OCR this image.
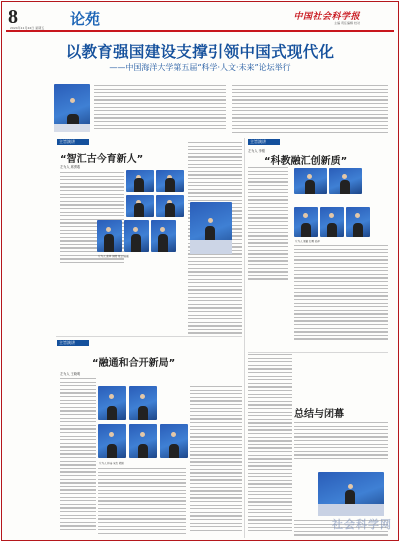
8
2024年11月22日 星期五 论苑	中国社会科学报
主编 责任编辑 校对
以教育强国建设支撑引领中国式现代化
——中国海洋大学第五届“科学·人文·未来”论坛举行
主旨演讲
“智汇古今育新人”
左为人 席勇敢
左为人 张华 刘明 吴立 陈刚
主旨演讲
“科教融汇创新质”
左为人 李刚
左为人 周敏 赵勇 孙萍
主旨演讲
“融通和合开新局”
左为人 王晓明
左为人 林涛 宋杰 郭阳
总结与闭幕
社会科学网
